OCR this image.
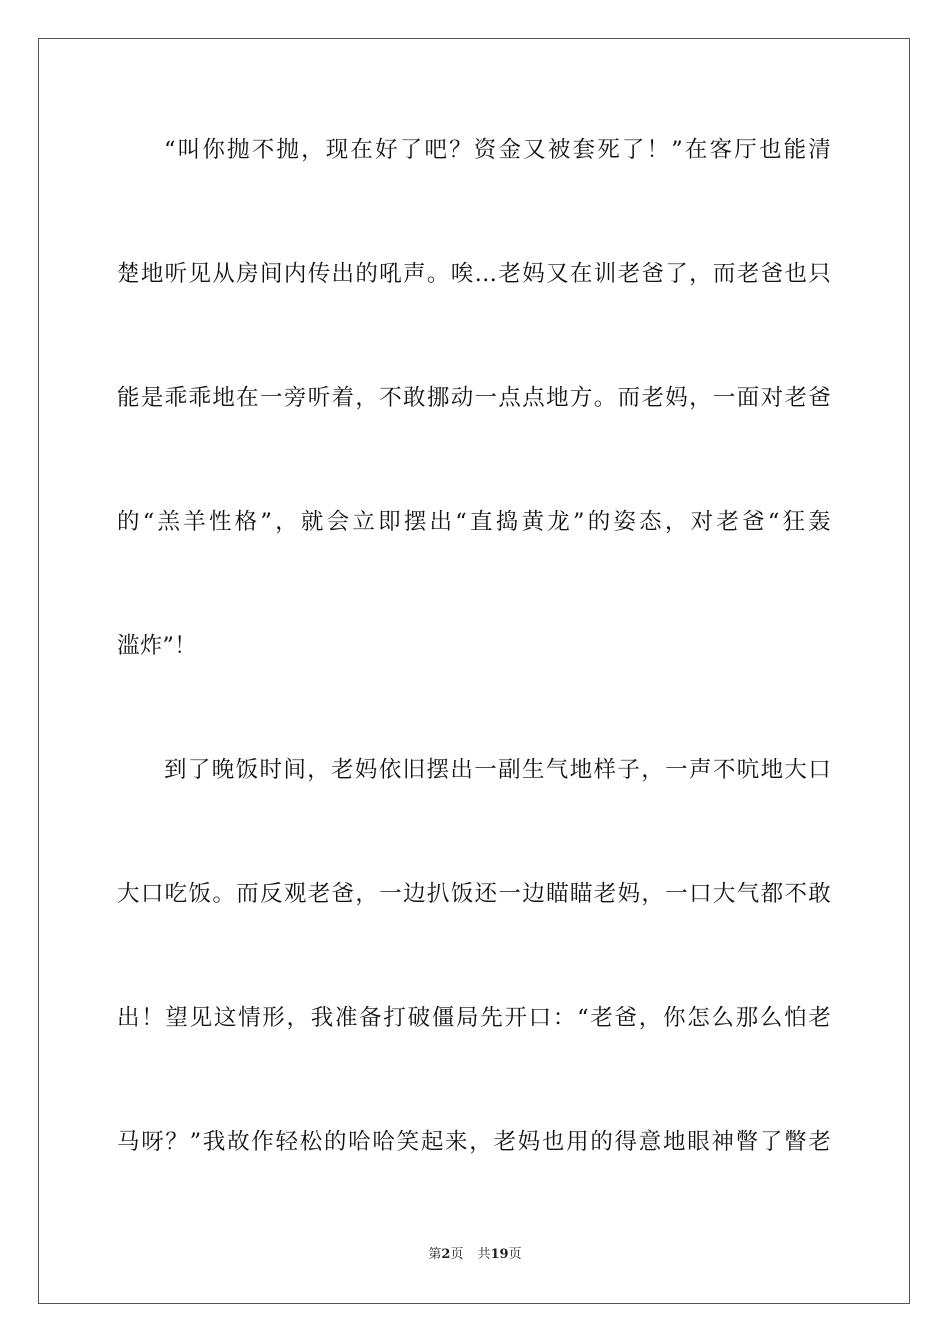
“叫你抛不抛，现在好了吧？资金又被套死了！”在客厅也能清
楚地听见从房间内传出的吼声。唉…老妈又在训老爸了，而老爸也只
能是乖乖地在一旁听着，不敢挪动一点点地方。而老妈，一面对老爸
的“羔羊性格”，就会立即摆出“直捣黄龙”的姿态，对老爸“狂轰
滥炸”！
到了晚饭时间，老妈依旧摆出一副生气地样子，一声不吭地大口
大口吃饭。而反观老爸，一边扒饭还一边瞄瞄老妈，一口大气都不敢
出！望见这情形，我准备打破僵局先开口：“老爸，你怎么那么怕老
马呀？”我故作轻松的哈哈笑起来，老妈也用的得意地眼神瞥了瞥老
第2页 共19页
